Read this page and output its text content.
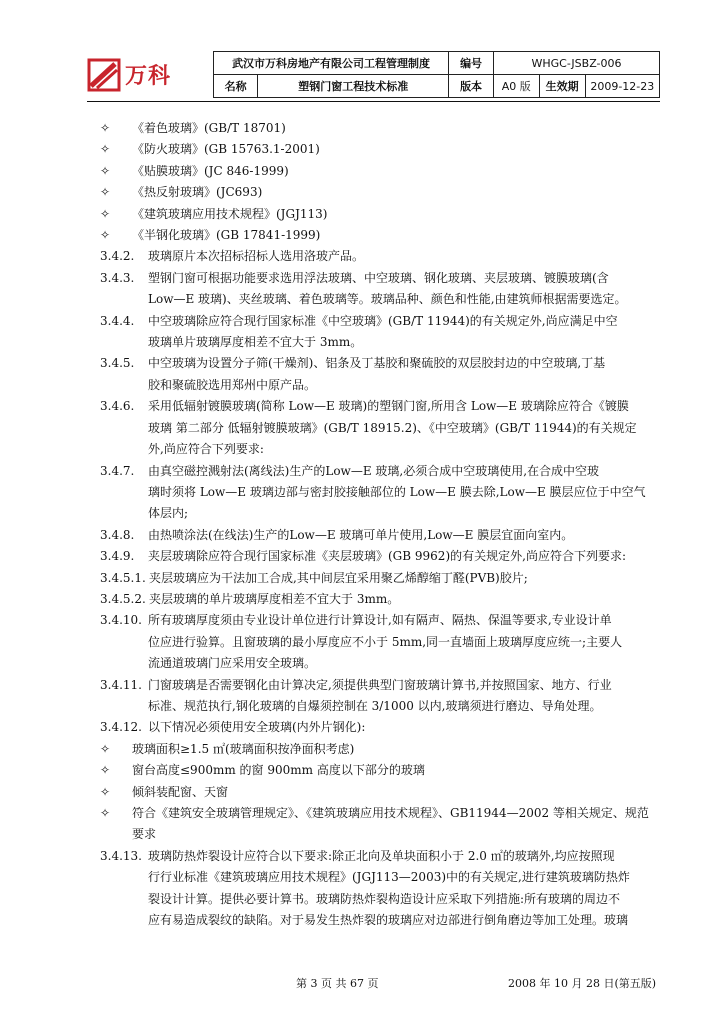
万科
武汉市万科房地产有限公司工程管理制度		编号	WHGC-JSBZ-006		
名称	塑钢门窗工程技术标准	版本	A0 版	生效期	2009-12-23
✧	《着色玻璃》(GB/T 18701)
✧	《防火玻璃》(GB 15763.1-2001)
✧	《贴膜玻璃》(JC 846-1999)
✧	《热反射玻璃》(JC693)
✧	《建筑玻璃应用技术规程》(JGJ113)
✧	《半钢化玻璃》(GB 17841-1999)
3.4.2.	玻璃原片本次招标招标人选用洛玻产品。
3.4.3.	塑钢门窗可根据功能要求选用浮法玻璃、中空玻璃、钢化玻璃、夹层玻璃、镀膜玻璃(含
Low—E 玻璃)、夹丝玻璃、着色玻璃等。玻璃品种、颜色和性能,由建筑师根据需要选定。
3.4.4.	中空玻璃除应符合现行国家标准《中空玻璃》(GB/T 11944)的有关规定外,尚应满足中空
玻璃单片玻璃厚度相差不宜大于 3mm。
3.4.5.	中空玻璃为设置分子筛(干燥剂)、铝条及丁基胶和聚硫胶的双层胶封边的中空玻璃,丁基
胶和聚硫胶选用郑州中原产品。
3.4.6.	采用低辐射镀膜玻璃(简称 Low—E 玻璃)的塑钢门窗,所用含 Low—E 玻璃除应符合《镀膜
玻璃 第二部分 低辐射镀膜玻璃》(GB/T 18915.2)、《中空玻璃》(GB/T 11944)的有关规定
外,尚应符合下列要求:
3.4.7.	由真空磁控溅射法(离线法)生产的Low—E 玻璃,必须合成中空玻璃使用,在合成中空玻
璃时须将 Low—E 玻璃边部与密封胶接触部位的 Low—E 膜去除,Low—E 膜层应位于中空气
体层内;
3.4.8.	由热喷涂法(在线法)生产的Low—E 玻璃可单片使用,Low—E 膜层宜面向室内。
3.4.9.	夹层玻璃除应符合现行国家标准《夹层玻璃》(GB 9962)的有关规定外,尚应符合下列要求:
3.4.5.1. 夹层玻璃应为干法加工合成,其中间层宜采用聚乙烯醇缩丁醛(PVB)胶片;
3.4.5.2. 夹层玻璃的单片玻璃厚度相差不宜大于 3mm。
3.4.10. 所有玻璃厚度须由专业设计单位进行计算设计,如有隔声、隔热、保温等要求,专业设计单
位应进行验算。且窗玻璃的最小厚度应不小于 5mm,同一直墙面上玻璃厚度应统一;主要人
流通道玻璃门应采用安全玻璃。
3.4.11. 门窗玻璃是否需要钢化由计算决定,须提供典型门窗玻璃计算书,并按照国家、地方、行业
标准、规范执行,钢化玻璃的自爆须控制在 3/1000 以内,玻璃须进行磨边、导角处理。
3.4.12. 以下情况必须使用安全玻璃(内外片钢化):
✧	玻璃面积≥1.5 ㎡(玻璃面积按净面积考虑)
✧	窗台高度≤900mm 的窗 900mm 高度以下部分的玻璃
✧	倾斜装配窗、天窗
✧	符合《建筑安全玻璃管理规定》、《建筑玻璃应用技术规程》、GB11944—2002 等相关规定、规范
要求
3.4.13. 玻璃防热炸裂设计应符合以下要求:除正北向及单块面积小于 2.0 ㎡的玻璃外,均应按照现
行行业标准《建筑玻璃应用技术规程》(JGJ113—2003)中的有关规定,进行建筑玻璃防热炸
裂设计计算。提供必要计算书。玻璃防热炸裂构造设计应采取下列措施:所有玻璃的周边不
应有易造成裂纹的缺陷。对于易发生热炸裂的玻璃应对边部进行倒角磨边等加工处理。玻璃
第 3 页 共 67 页	2008 年 10 月 28 日(第五版)
